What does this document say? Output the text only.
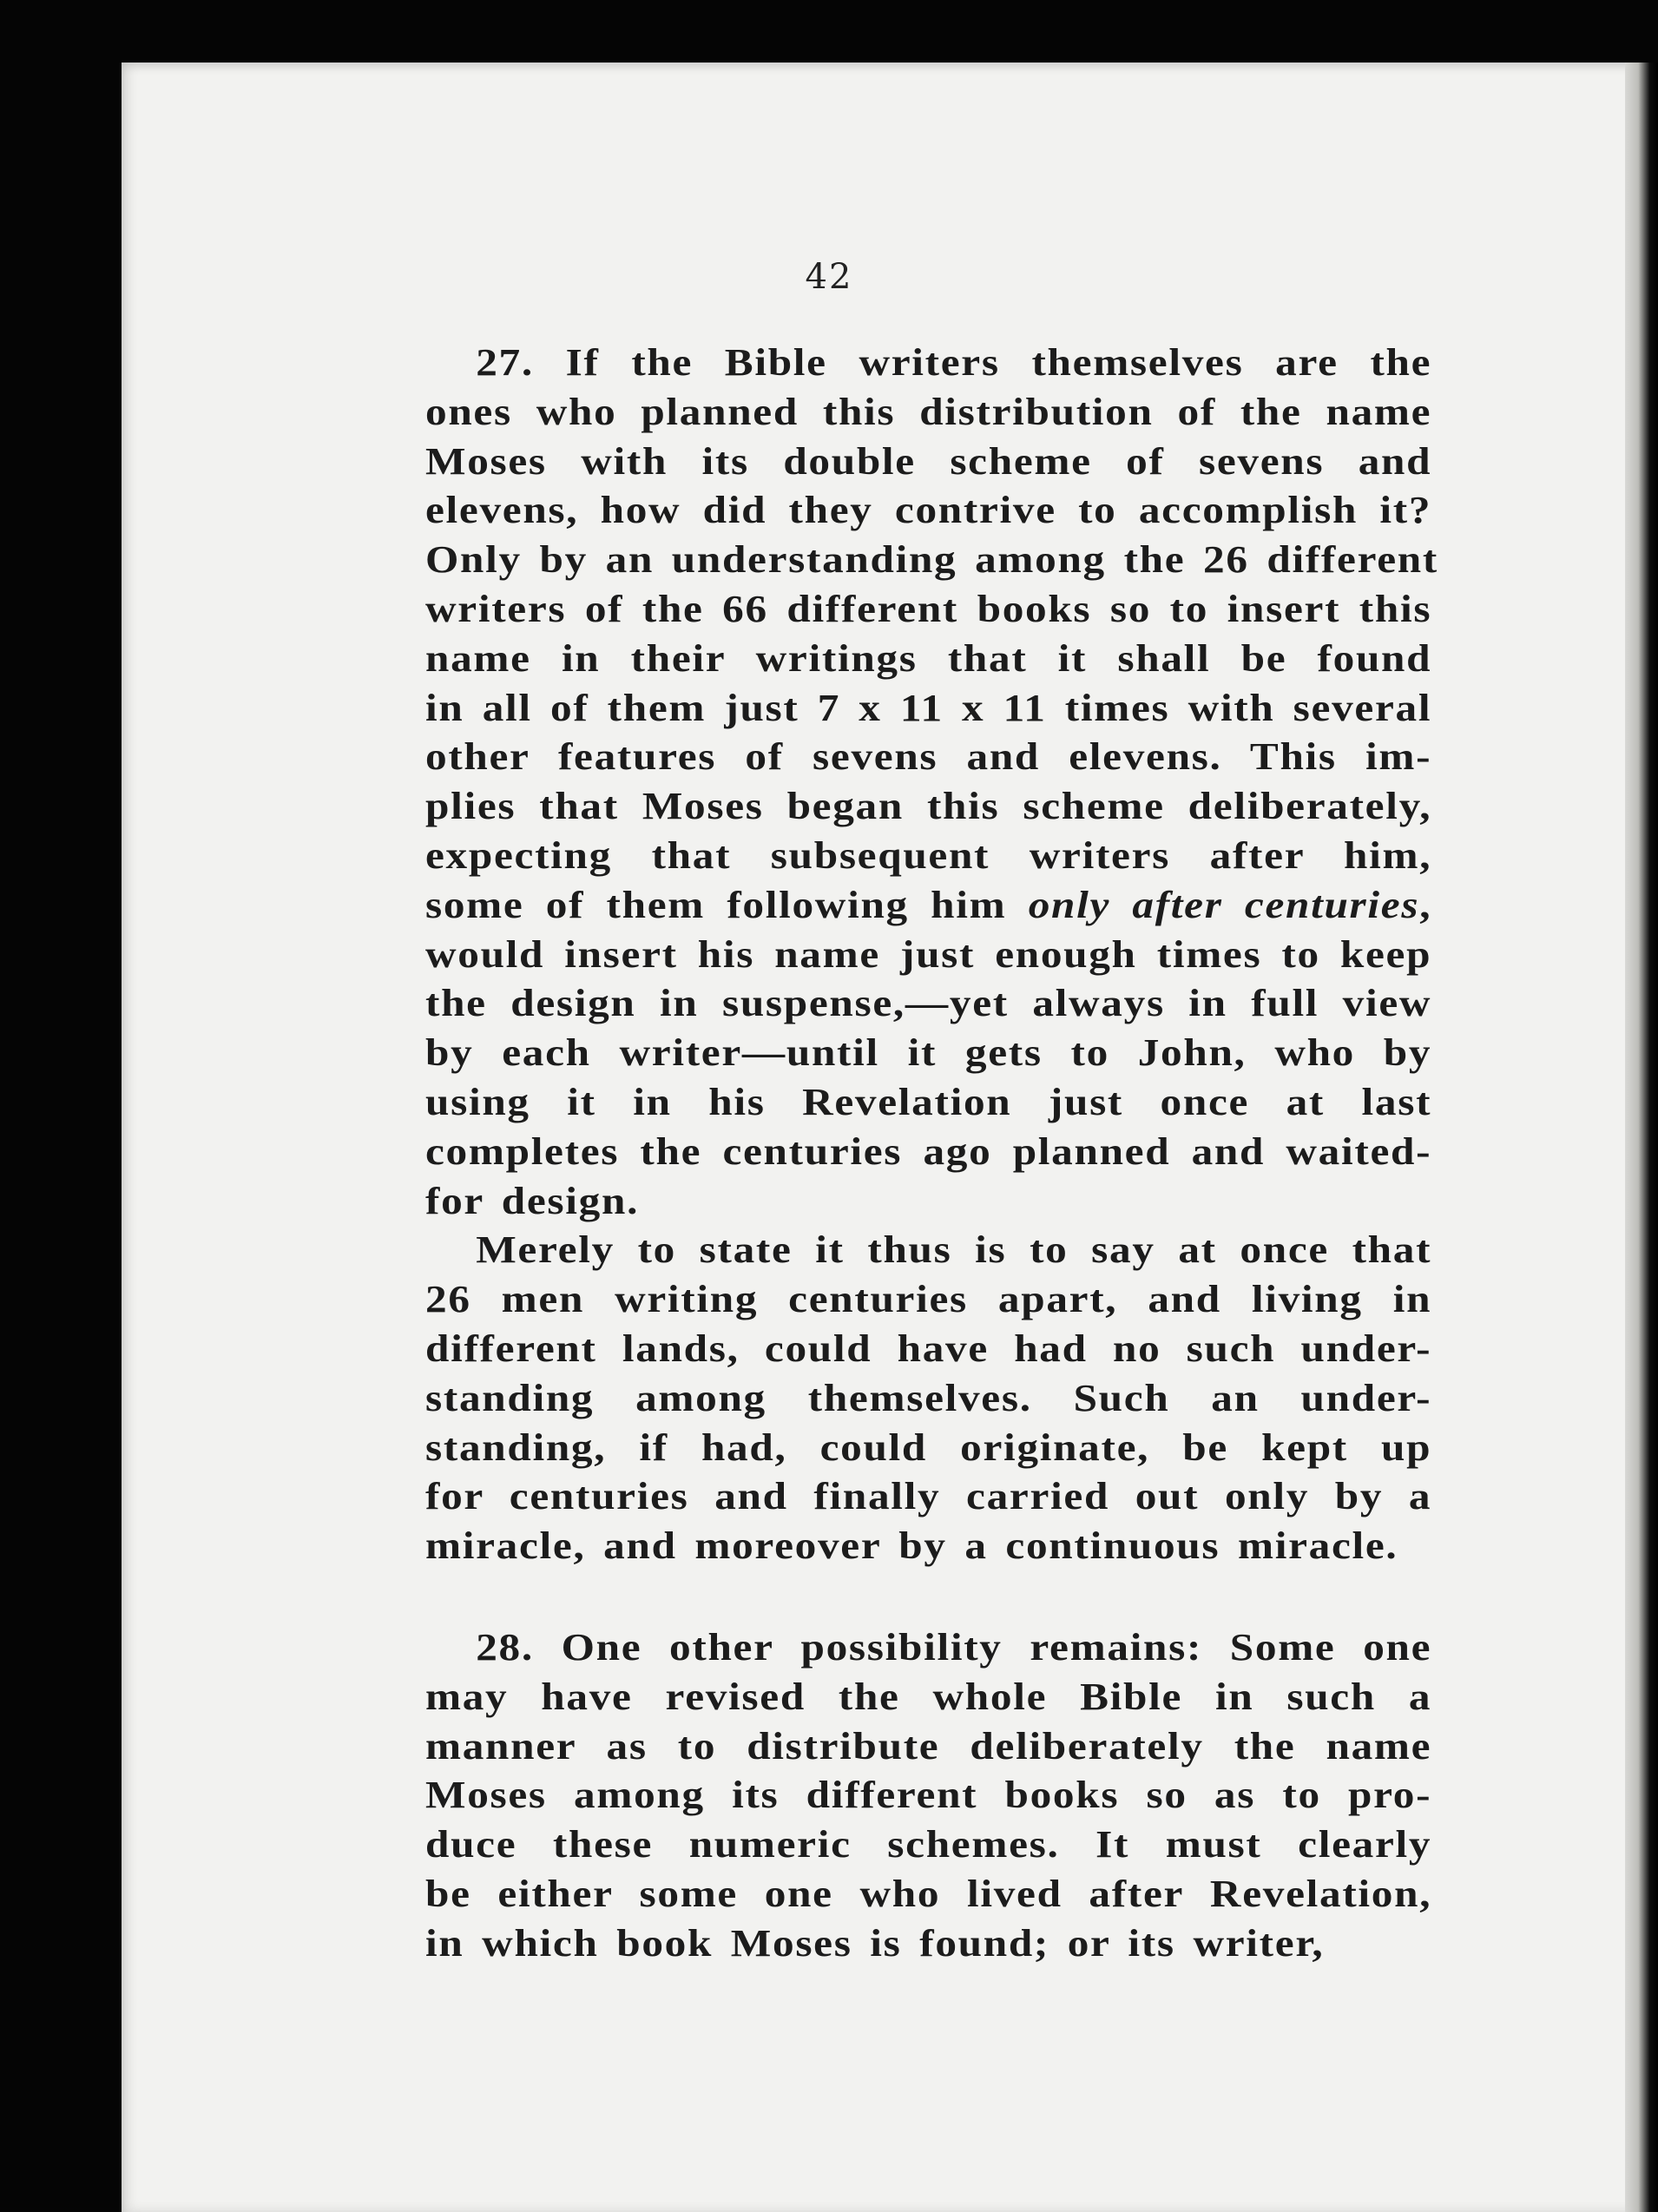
42
27. If the Bible writers themselves are the
ones who planned this distribution of the name
Moses with its double scheme of sevens and
elevens, how did they contrive to accomplish it?
Only by an understanding among the 26 different
writers of the 66 different books so to insert this
name in their writings that it shall be found
in all of them just 7 x 11 x 11 times with several
other features of sevens and elevens. This im-
plies that Moses began this scheme deliberately,
expecting that subsequent writers after him,
some of them following him only after centuries,
would insert his name just enough times to keep
the design in suspense,—yet always in full view
by each writer—until it gets to John, who by
using it in his Revelation just once at last
completes the centuries ago planned and waited-
for design.
Merely to state it thus is to say at once that
26 men writing centuries apart, and living in
different lands, could have had no such under-
standing among themselves. Such an under-
standing, if had, could originate, be kept up
for centuries and finally carried out only by a
miracle, and moreover by a continuous miracle.
28. One other possibility remains: Some one
may have revised the whole Bible in such a
manner as to distribute deliberately the name
Moses among its different books so as to pro-
duce these numeric schemes. It must clearly
be either some one who lived after Revelation,
in which book Moses is found; or its writer,
